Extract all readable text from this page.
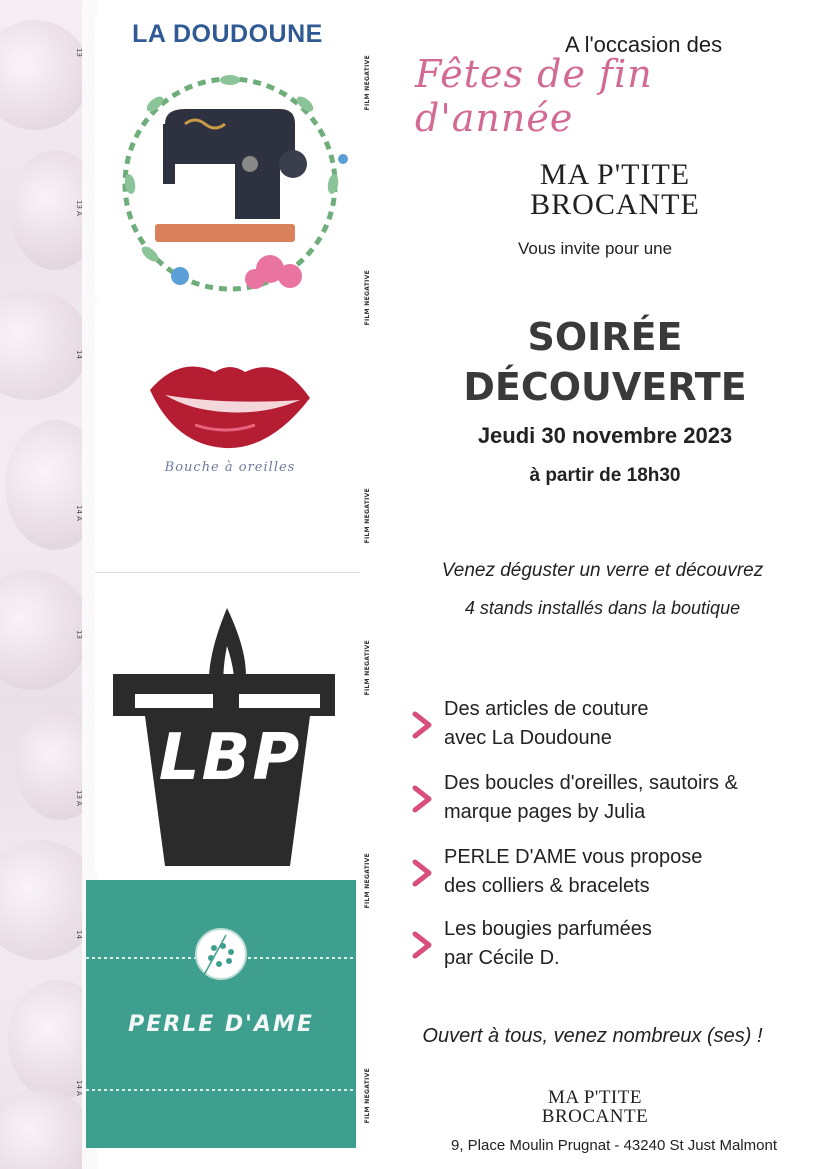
13
13 A
14
14 A
13
13 A
14
14 A
FILM NEGATIVE
FILM NEGATIVE
FILM NEGATIVE
FILM NEGATIVE
FILM NEGATIVE
FILM NEGATIVE
LA DOUDOUNE
Bouche à oreilles
LBP
PERLE D'AME
A l'occasion des
Fêtes de fin d'année
MA P'TITE
BROCANTE
Vous invite pour une
SOIRÉE
DÉCOUVERTE
Jeudi 30 novembre 2023
à partir de 18h30
Venez déguster un verre et découvrez
4 stands installés dans la boutique
Des articles de couture
avec La Doudoune
Des boucles d'oreilles, sautoirs &
marque pages by Julia
PERLE D'AME vous propose
des colliers & bracelets
Les bougies parfumées
par Cécile D.
Ouvert à tous, venez nombreux (ses) !
MA P'TITE
BROCANTE
9, Place Moulin Prugnat - 43240 St Just Malmont
